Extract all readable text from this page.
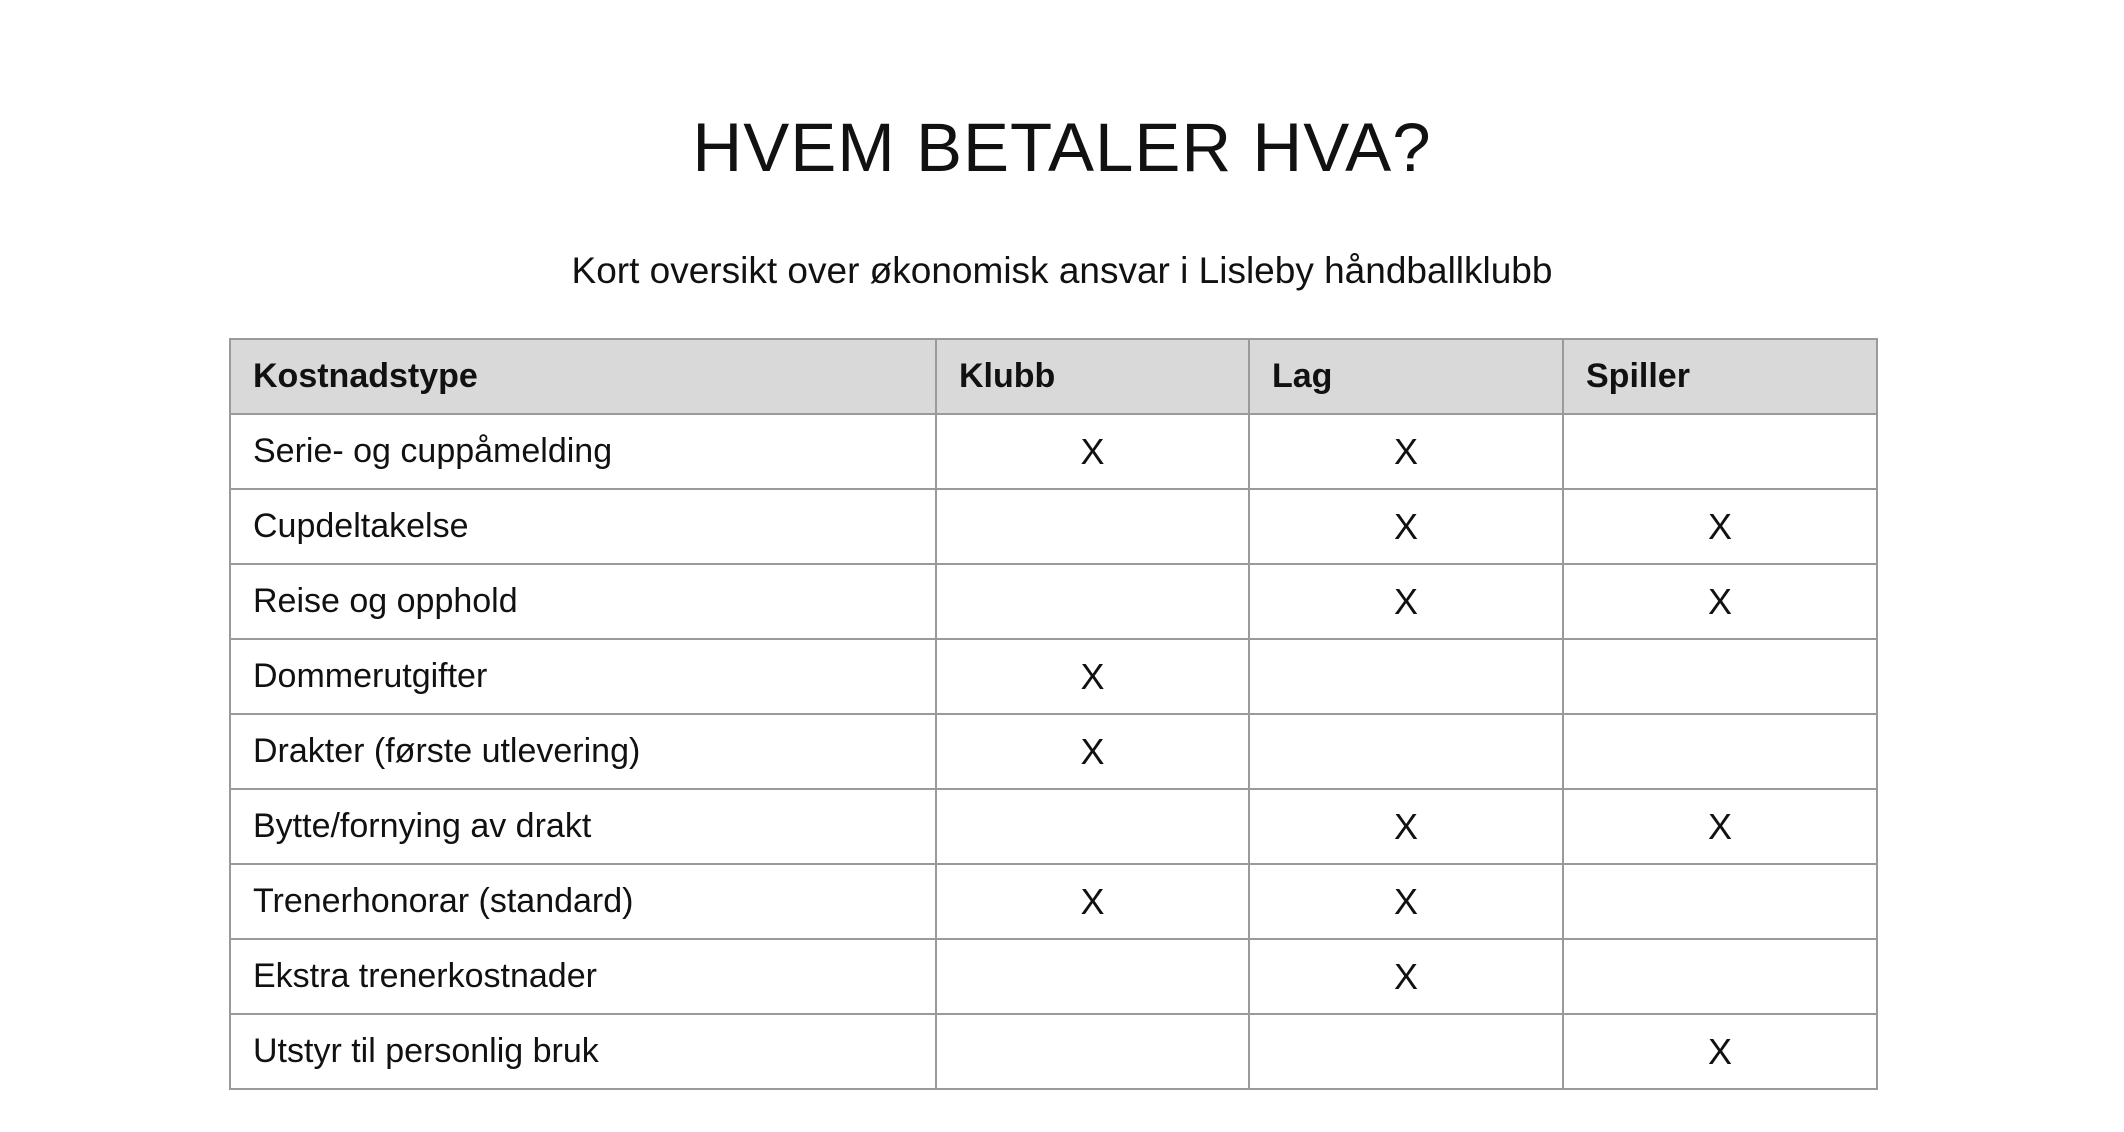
HVEM BETALER HVA?

Kort oversikt over økonomisk ansvar i Lisleby håndballklubb

Kostnadstype	Klubb	Lag	Spiller
Serie- og cuppåmelding	X	X	
Cupdeltakelse		X	X
Reise og opphold		X	X
Dommerutgifter	X		
Drakter (første utlevering)	X		
Bytte/fornying av drakt		X	X
Trenerhonorar (standard)	X	X	
Ekstra trenerkostnader		X	
Utstyr til personlig bruk			X
